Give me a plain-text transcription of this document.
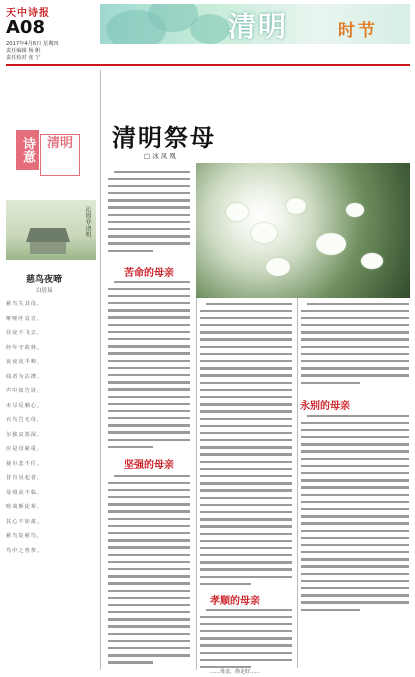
天中诗报
A08
2017年4月6日 星期四
责任编辑 杨 帆
责任校对 张 宁
清明	时节
诗意 清明
沁园春·清明
慈鸟夜啼
白居易
慈鸟失其母，
哑哑吐哀音。
昼夜不飞去，
经年守故林。
夜夜夜半啼，
闻者为沾襟。
声中如告诉，
未尽反哺心。
百鸟岂无母，
尔独哀怨深。
应是母慈重，
使尔悲不任。
昔有吴起者，
母殁丧不临。
嗟哉斯徒辈，
其心不如禽。
慈鸟复慈鸟，
鸟中之曾参。
清明祭母
□ 冰 凤 凰
苦命的母亲
坚强的母亲
孝顺的母亲
永别的母亲
……母亲，你走好……
